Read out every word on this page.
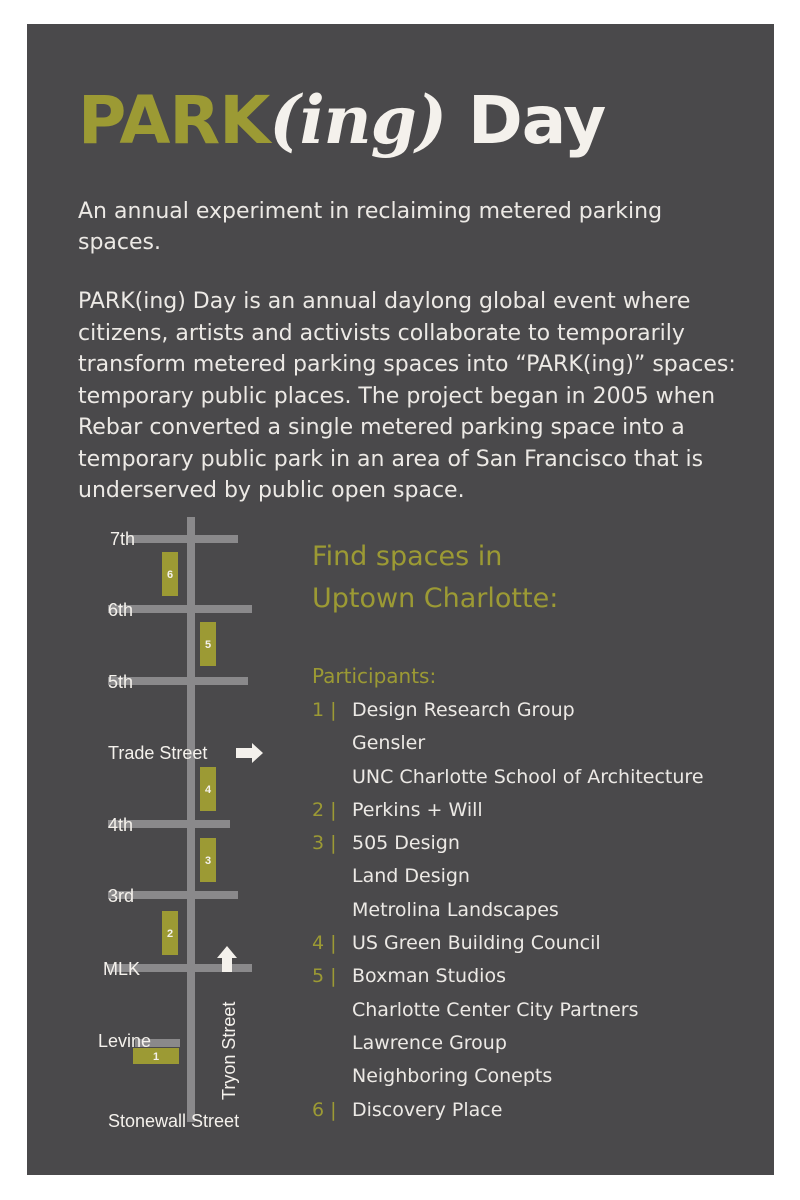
PARK(ing) Day

An annual experiment in reclaiming metered parking spaces.

PARK(ing) Day is an annual daylong global event where citizens, artists and activists collaborate to temporarily transform metered parking spaces into “PARK(ing)” spaces: temporary public places. The project began in 2005 when Rebar converted a single metered parking space into a temporary public park in an area of San Francisco that is underserved by public open space.

Find spaces in
Uptown Charlotte:
Participants:
1 | Design Research Group
Gensler
UNC Charlotte School of Architecture
2 | Perkins + Will
3 | 505 Design
Land Design
Metrolina Landscapes
4 | US Green Building Council
5 | Boxman Studios
Charlotte Center City Partners
Lawrence Group
Neighboring Conepts
6 | Discovery Place
6
5
4
3
2
1
7th
6th
5th
Trade Street
4th
3rd
MLK
Levine
Stonewall Street
Tryon Street
